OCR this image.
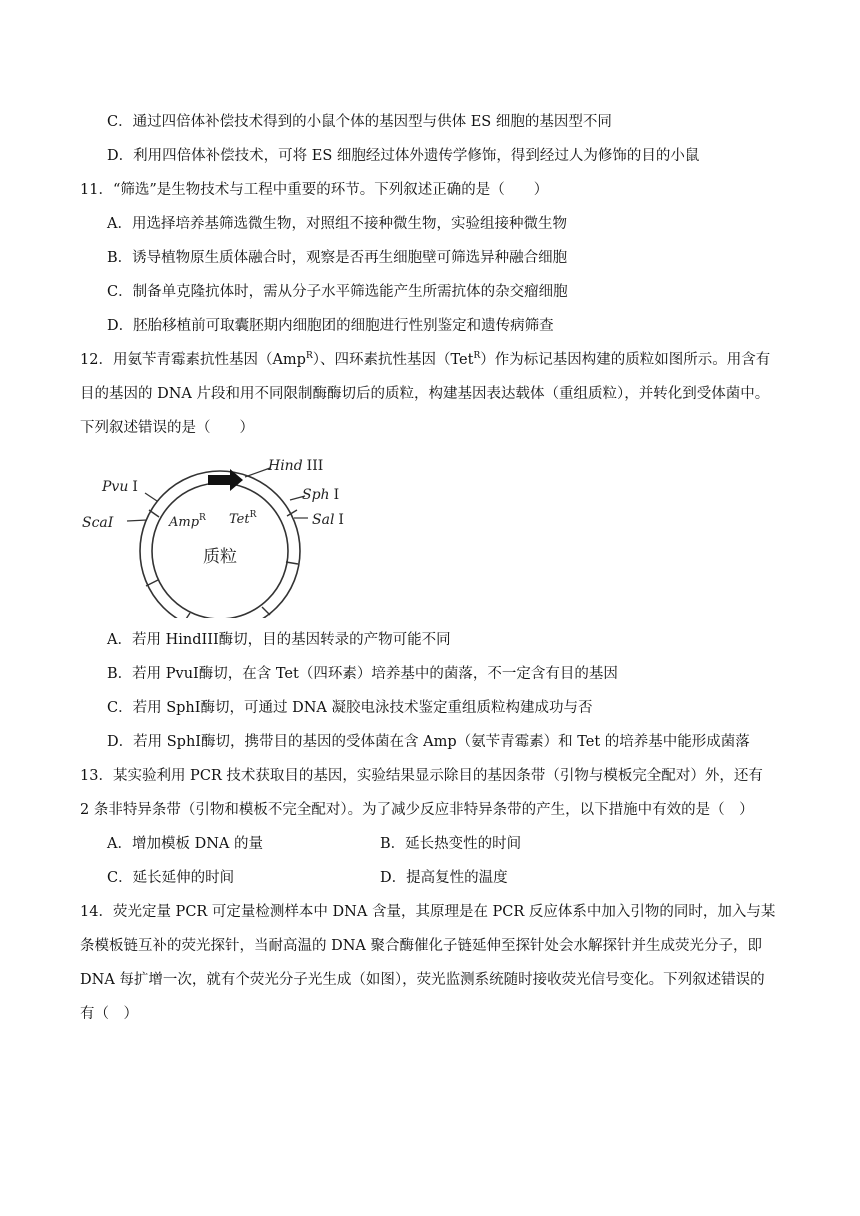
C．通过四倍体补偿技术得到的小鼠个体的基因型与供体 ES 细胞的基因型不同
D．利用四倍体补偿技术，可将 ES 细胞经过体外遗传学修饰，得到经过人为修饰的目的小鼠
11．“筛选”是生物技术与工程中重要的环节。下列叙述正确的是（　　）
A．用选择培养基筛选微生物，对照组不接种微生物，实验组接种微生物
B．诱导植物原生质体融合时，观察是否再生细胞壁可筛选异种融合细胞
C．制备单克隆抗体时，需从分子水平筛选能产生所需抗体的杂交瘤细胞
D．胚胎移植前可取囊胚期内细胞团的细胞进行性别鉴定和遗传病筛查
12．用氨苄青霉素抗性基因（Amp$^R$）、四环素抗性基因（Tet$^R$）作为标记基因构建的质粒如图所示。用含有
目的基因的 DNA 片段和用不同限制酶酶切后的质粒，构建基因表达载体（重组质粒），并转化到受体菌中。
下列叙述错误的是（　　）
Hind III
Sph I
Sal I
Pvu I
ScaI	Amp$^R$ Tet$^R$
质粒
A．若用 HindIII酶切，目的基因转录的产物可能不同
B．若用 PvuⅠ酶切，在含 Tet（四环素）培养基中的菌落，不一定含有目的基因
C．若用 SphⅠ酶切，可通过 DNA 凝胶电泳技术鉴定重组质粒构建成功与否
D．若用 SphⅠ酶切，携带目的基因的受体菌在含 Amp（氨苄青霉素）和 Tet 的培养基中能形成菌落
13．某实验利用 PCR 技术获取目的基因，实验结果显示除目的基因条带（引物与模板完全配对）外，还有
2 条非特异条带（引物和模板不完全配对）。为了减少反应非特异条带的产生，以下措施中有效的是（　）
A．增加模板 DNA 的量	B．延长热变性的时间
C．延长延伸的时间	D．提高复性的温度
14．荧光定量 PCR 可定量检测样本中 DNA 含量，其原理是在 PCR 反应体系中加入引物的同时，加入与某
条模板链互补的荧光探针，当耐高温的 DNA 聚合酶催化子链延伸至探针处会水解探针并生成荧光分子，即
DNA 每扩增一次，就有个荧光分子光生成（如图），荧光监测系统随时接收荧光信号变化。下列叙述错误的
有（　）
